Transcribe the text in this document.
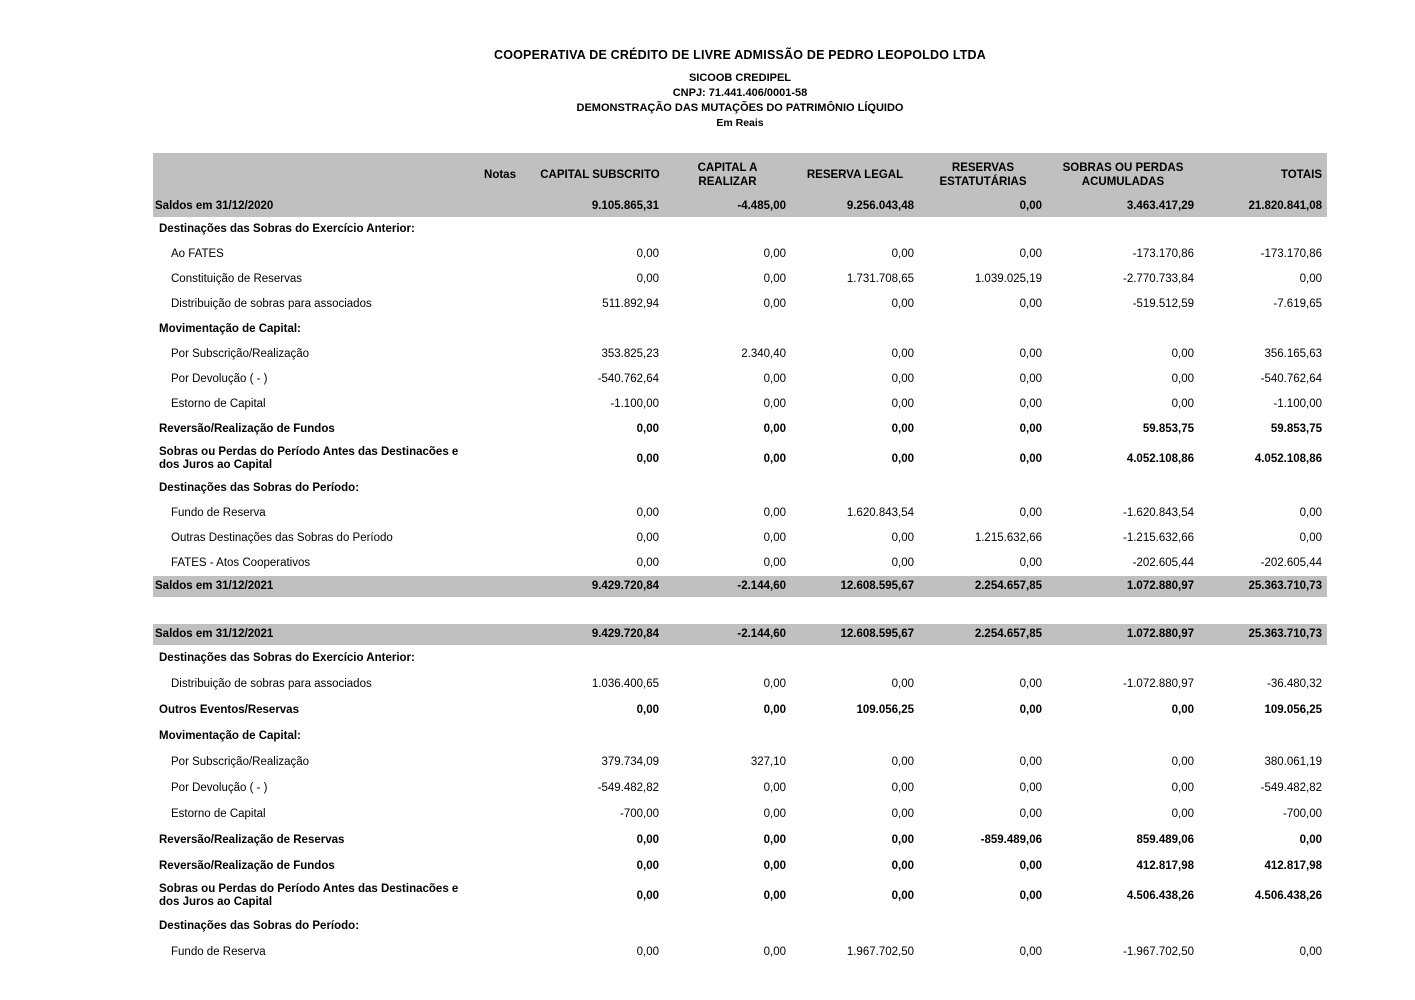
COOPERATIVA DE CRÉDITO DE LIVRE ADMISSÃO DE PEDRO LEOPOLDO LTDA
SICOOB CREDIPEL
CNPJ: 71.441.406/0001-58
DEMONSTRAÇÃO DAS MUTAÇÕES DO PATRIMÔNIO LÍQUIDO
Em Reais
	Notas	CAPITAL SUBSCRITO	CAPITAL A REALIZAR	RESERVA LEGAL	RESERVAS ESTATUTÁRIAS	SOBRAS OU PERDAS ACUMULADAS	TOTAIS
Saldos em 31/12/2020		9.105.865,31	-4.485,00	9.256.043,48	0,00	3.463.417,29	21.820.841,08
Destinações das Sobras do Exercício Anterior:							
Ao FATES		0,00	0,00	0,00	0,00	-173.170,86	-173.170,86
Constituição de Reservas		0,00	0,00	1.731.708,65	1.039.025,19	-2.770.733,84	0,00
Distribuição de sobras para associados		511.892,94	0,00	0,00	0,00	-519.512,59	-7.619,65
Movimentação de Capital:							
Por Subscrição/Realização		353.825,23	2.340,40	0,00	0,00	0,00	356.165,63
Por Devolução ( - )		-540.762,64	0,00	0,00	0,00	0,00	-540.762,64
Estorno de Capital		-1.100,00	0,00	0,00	0,00	0,00	-1.100,00
Reversão/Realização de Fundos		0,00	0,00	0,00	0,00	59.853,75	59.853,75
Sobras ou Perdas do Período Antes das Destinacões e dos Juros ao Capital		0,00	0,00	0,00	0,00	4.052.108,86	4.052.108,86
Destinações das Sobras do Período:							
Fundo de Reserva		0,00	0,00	1.620.843,54	0,00	-1.620.843,54	0,00
Outras Destinações das Sobras do Período		0,00	0,00	0,00	1.215.632,66	-1.215.632,66	0,00
FATES - Atos Cooperativos		0,00	0,00	0,00	0,00	-202.605,44	-202.605,44
Saldos em 31/12/2021		9.429.720,84	-2.144,60	12.608.595,67	2.254.657,85	1.072.880,97	25.363.710,73
Saldos em 31/12/2021		9.429.720,84	-2.144,60	12.608.595,67	2.254.657,85	1.072.880,97	25.363.710,73
Destinações das Sobras do Exercício Anterior:							
Distribuição de sobras para associados		1.036.400,65	0,00	0,00	0,00	-1.072.880,97	-36.480,32
Outros Eventos/Reservas		0,00	0,00	109.056,25	0,00	0,00	109.056,25
Movimentação de Capital:							
Por Subscrição/Realização		379.734,09	327,10	0,00	0,00	0,00	380.061,19
Por Devolução ( - )		-549.482,82	0,00	0,00	0,00	0,00	-549.482,82
Estorno de Capital		-700,00	0,00	0,00	0,00	0,00	-700,00
Reversão/Realização de Reservas		0,00	0,00	0,00	-859.489,06	859.489,06	0,00
Reversão/Realização de Fundos		0,00	0,00	0,00	0,00	412.817,98	412.817,98
Sobras ou Perdas do Período Antes das Destinacões e dos Juros ao Capital		0,00	0,00	0,00	0,00	4.506.438,26	4.506.438,26
Destinações das Sobras do Período:							
Fundo de Reserva		0,00	0,00	1.967.702,50	0,00	-1.967.702,50	0,00
